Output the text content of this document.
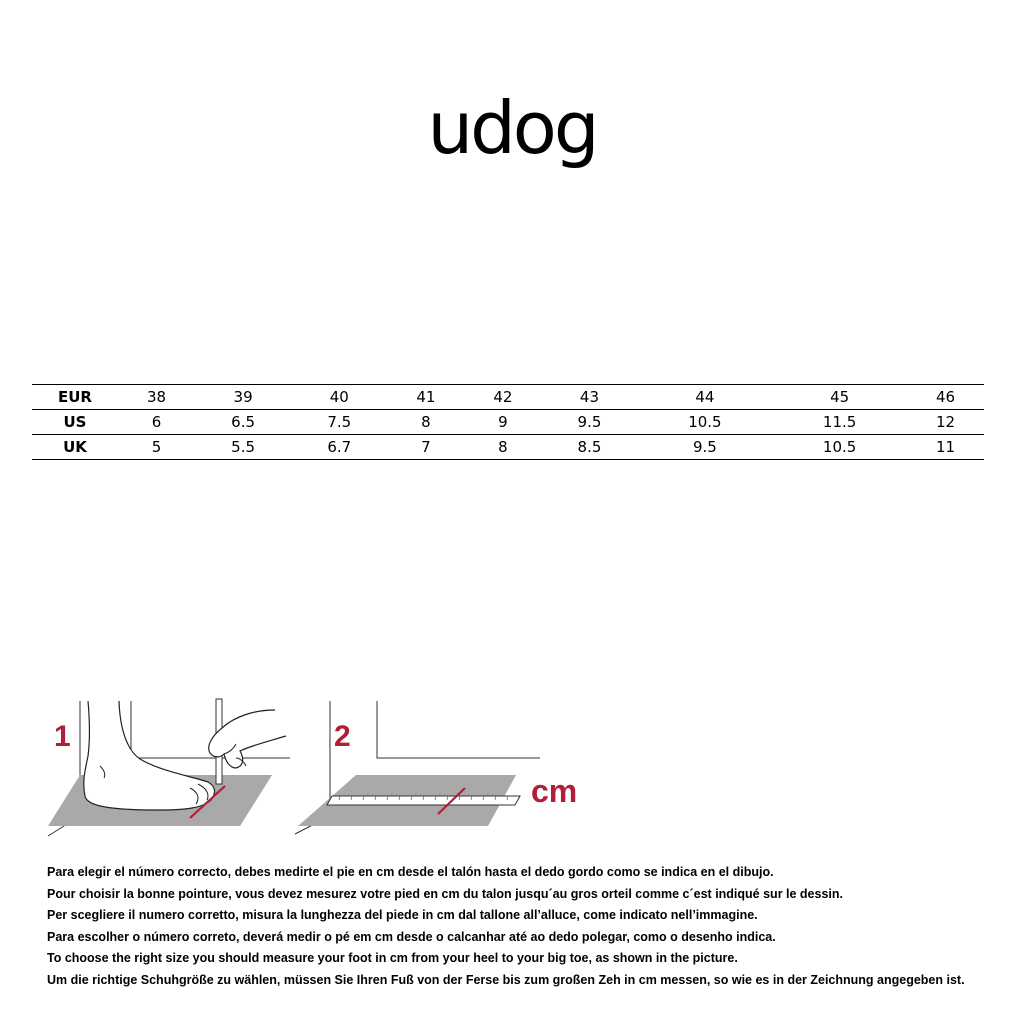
udog
EUR	38	39	40	41	42	43	44	45	46
US	6	6.5	7.5	8	9	9.5	10.5	11.5	12
UK	5	5.5	6.7	7	8	8.5	9.5	10.5	11
1	2
cm
Para elegir el número correcto, debes medirte el pie en cm desde el talón hasta el dedo gordo como se indica en el dibujo.
Pour choisir la bonne pointure, vous devez mesurez votre pied en cm du talon jusqu´au gros orteil comme c´est indiqué sur le dessin.
Per scegliere il numero corretto, misura la lunghezza del piede in cm dal tallone all’alluce, come indicato nell’immagine.
Para escolher o número correto, deverá medir o pé em cm desde o calcanhar até ao dedo polegar, como o desenho indica.
To choose the right size you should measure your foot in cm from your heel to your big toe, as shown in the picture.
Um die richtige Schuhgröße zu wählen, müssen Sie Ihren Fuß von der Ferse bis zum großen Zeh in cm messen, so wie es in der Zeichnung angegeben ist.
